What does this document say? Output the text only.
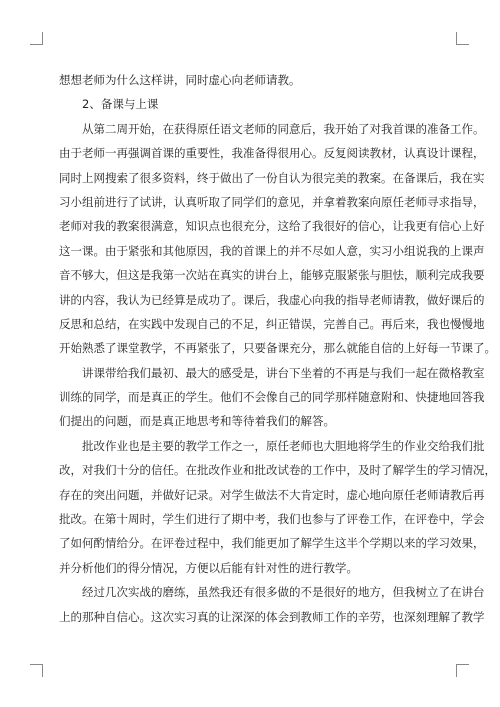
想想老师为什么这样讲，同时虚心向老师请教。
2、备课与上课
从第二周开始，在获得原任语文老师的同意后，我开始了对我首课的准备工作。
由于老师一再强调首课的重要性，我准备得很用心。反复阅读教材，认真设计课程，
同时上网搜索了很多资料，终于做出了一份自认为很完美的教案。在备课后，我在实
习小组前进行了试讲，认真听取了同学们的意见，并拿着教案向原任老师寻求指导，
老师对我的教案很满意，知识点也很充分，这给了我很好的信心，让我更有信心上好
这一课。由于紧张和其他原因，我的首课上的并不尽如人意，实习小组说我的上课声
音不够大，但这是我第一次站在真实的讲台上，能够克服紧张与胆怯，顺利完成我要
讲的内容，我认为已经算是成功了。课后，我虚心向我的指导老师请教，做好课后的
反思和总结，在实践中发现自己的不足，纠正错误，完善自己。再后来，我也慢慢地
开始熟悉了课堂教学，不再紧张了，只要备课充分，那么就能自信的上好每一节课了。
讲课带给我们最初、最大的感受是，讲台下坐着的不再是与我们一起在微格教室
训练的同学，而是真正的学生。他们不会像自己的同学那样随意附和、快捷地回答我
们提出的问题，而是真正地思考和等待着我们的解答。
批改作业也是主要的教学工作之一，原任老师也大胆地将学生的作业交给我们批
改，对我们十分的信任。在批改作业和批改试卷的工作中，及时了解学生的学习情况，
存在的突出问题，并做好记录。对学生做法不大肯定时，虚心地向原任老师请教后再
批改。在第十周时，学生们进行了期中考，我们也参与了评卷工作，在评卷中，学会
了如何酌情给分。在评卷过程中，我们能更加了解学生这半个学期以来的学习效果，
并分析他们的得分情况，方便以后能有针对性的进行教学。
经过几次实战的磨练，虽然我还有很多做的不是很好的地方，但我树立了在讲台
上的那种自信心。这次实习真的让深深的体会到教师工作的辛劳，也深刻理解了教学
